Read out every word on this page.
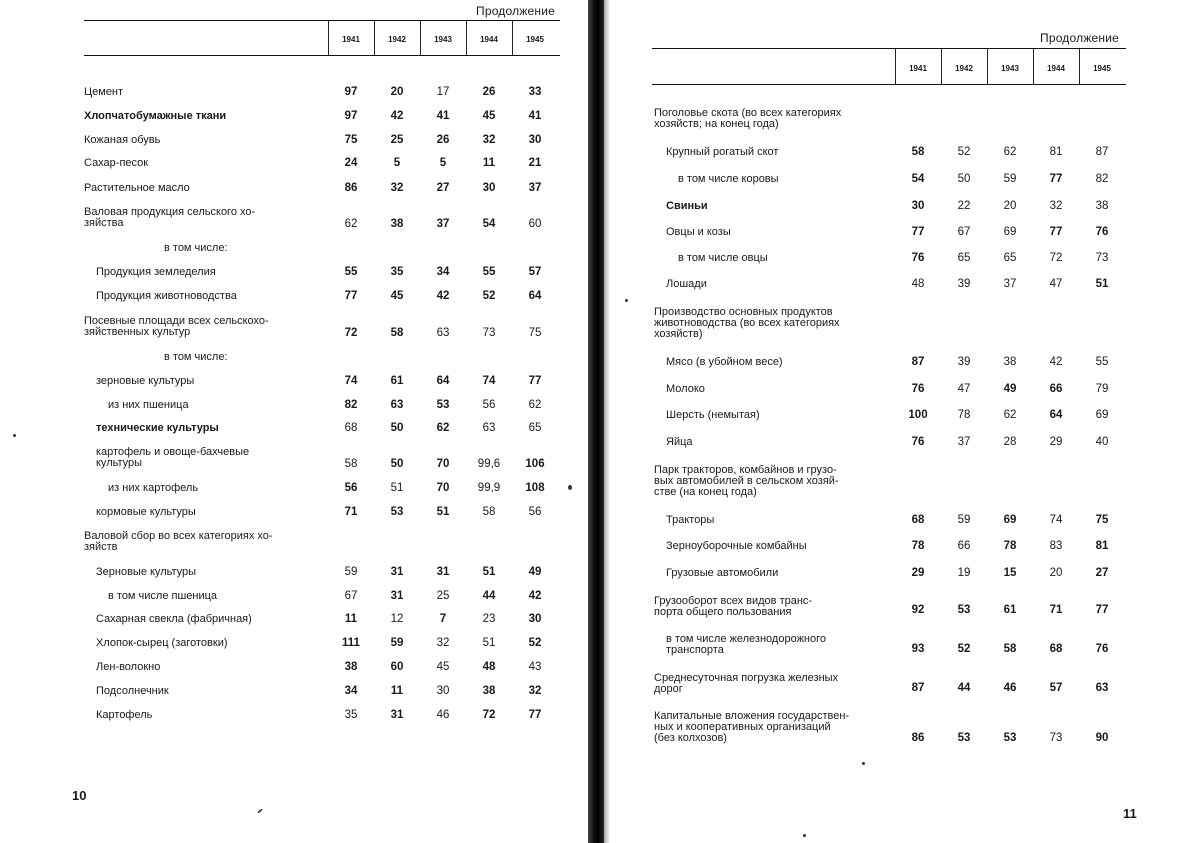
Продолжение
1941	1942	1943	1944	1945
Цемент	97	20	17	26	33
Хлопчатобумажные ткани	97	42	41	45	41
Кожаная обувь	75	25	26	32	30
Сахар-песок	24	5	5	11	21
Растительное масло	86	32	27	30	37
Валовая продукция сельского хо-
зяйства	62	38	37	54	60
в том числе:
Продукция земледелия	55	35	34	55	57
Продукция животноводства	77	45	42	52	64
Посевные площади всех сельскохо-
зяйственных культур	72	58	63	73	75
в том числе:
зерновые культуры	74	61	64	74	77
из них пшеница	82	63	53	56	62
технические культуры	68	50	62	63	65
картофель и овоще-бахчевые
культуры	58	50	70	99,6	106
из них картофель	56	51	70	99,9	108
кормовые культуры	71	53	51	58	56
Валовой сбор во всех категориях хо-
зяйств
Зерновые культуры	59	31	31	51	49
в том числе пшеница	67	31	25	44	42
Сахарная свекла (фабричная)	11	12	7	23	30
Хлопок-сырец (заготовки)	111	59	32	51	52
Лен-волокно	38	60	45	48	43
Подсолнечник	34	11	30	38	32
Картофель	35	31	46	72	77
10
Продолжение
1941	1942	1943	1944	1945
Поголовье скота (во всех категориях
хозяйств; на конец года)
Крупный рогатый скот	58	52	62	81	87
в том числе коровы	54	50	59	77	82
Свиньи	30	22	20	32	38
Овцы и козы	77	67	69	77	76
в том числе овцы	76	65	65	72	73
Лошади	48	39	37	47	51
Производство основных продуктов
животноводства (во всех категориях
хозяйств)
Мясо (в убойном весе)	87	39	38	42	55
Молоко	76	47	49	66	79
Шерсть (немытая)	100	78	62	64	69
Яйца	76	37	28	29	40
Парк тракторов, комбайнов и грузо-
вых автомобилей в сельском хозяй-
стве (на конец года)
Тракторы	68	59	69	74	75
Зерноуборочные комбайны	78	66	78	83	81
Грузовые автомобили	29	19	15	20	27
Грузооборот всех видов транс-
порта общего пользования	92	53	61	71	77
в том числе железнодорожного
транспорта	93	52	58	68	76
Среднесуточная погрузка железных
дорог	87	44	46	57	63
Капитальные вложения государствен-
ных и кооперативных организаций
(без колхозов)	86	53	53	73	90
11
